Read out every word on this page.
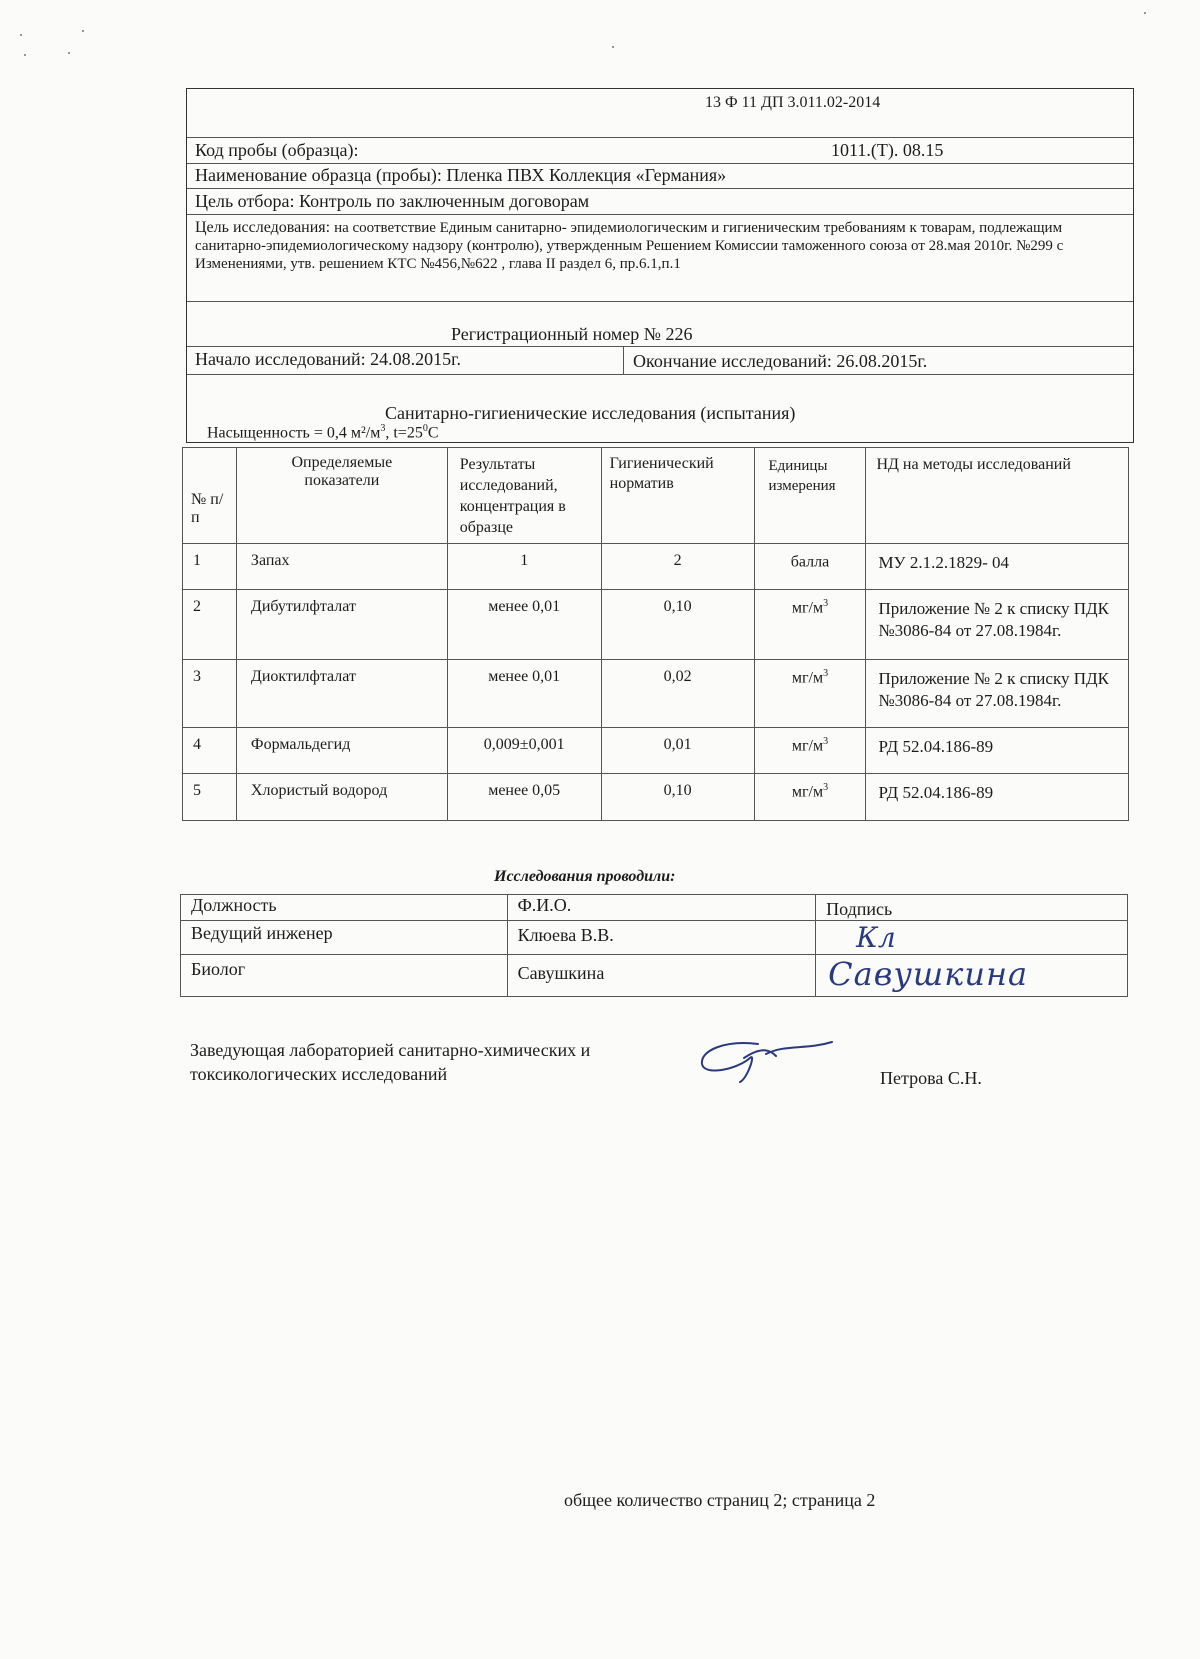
13 Ф 11 ДП 3.011.02-2014
Код пробы (образца):	1011.(Т). 08.15
Наименование образца (пробы): Пленка ПВХ Коллекция «Германия»
Цель отбора: Контроль по заключенным договорам
Цель исследования: на соответствие Единым санитарно- эпидемиологическим и гигиеническим требованиям к товарам, подлежащим санитарно-эпидемиологическому надзору (контролю), утвержденным Решением Комиссии таможенного союза от 28.мая 2010г. №299 с Изменениями, утв. решением КТС №456,№622 , глава II раздел 6, пр.6.1,п.1
Регистрационный номер № 226
Начало исследований: 24.08.2015г.	Окончание исследований: 26.08.2015г.
Санитарно-гигиенические исследования (испытания)
Насыщенность = 0,4 $м^2/м^3$, $t=25^0C$
№ п/п	Определяемые показатели	Результаты исследований, концентрация в образце	Гигиенический норматив	Единицы измерения	НД на методы исследований
1	Запах	1	2	балла	МУ 2.1.2.1829- 04
2	Дибутилфталат	менее 0,01	0,10	$мг/м^3$	Приложение № 2 к списку ПДК №3086-84 от 27.08.1984г.
3	Диоктилфталат	менее 0,01	0,02	$мг/м^3$	Приложение № 2 к списку ПДК №3086-84 от 27.08.1984г.
4	Формальдегид	0,009±0,001	0,01	$мг/м^3$	РД 52.04.186-89
5	Хлористый водород	менее 0,05	0,10	$мг/м^3$	РД 52.04.186-89
Исследования проводили:
Должность	Ф.И.О.	Подпись
Ведущий инженер	Клюева В.В.	Кл
Биолог	Савушкина	Савушкина
Заведующая лабораторией санитарно-химических и
токсикологических исследований	Петрова С.Н.
общее количество страниц 2; страница 2
